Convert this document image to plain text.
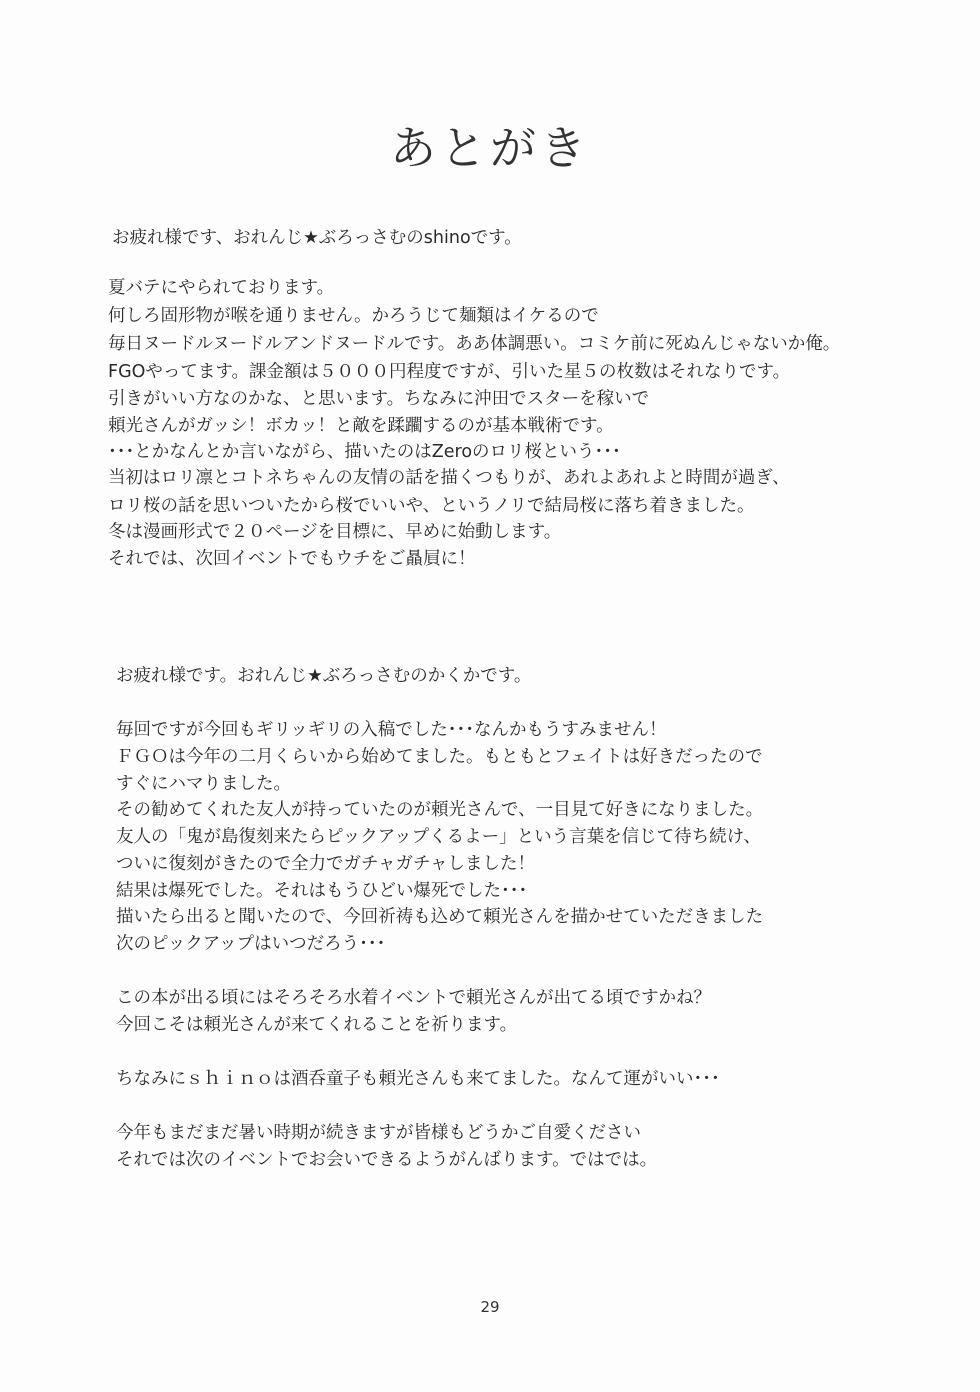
あとがき
お疲れ様です、おれんじ★ぶろっさむのshinoです。
夏バテにやられております。
何しろ固形物が喉を通りません。かろうじて麺類はイケるので
毎日ヌードルヌードルアンドヌードルです。ああ体調悪い。コミケ前に死ぬんじゃないか俺。
FGOやってます。課金額は５０００円程度ですが、引いた星５の枚数はそれなりです。
引きがいい方なのかな、と思います。ちなみに沖田でスターを稼いで
頼光さんがガッシ！ボカッ！と敵を蹂躙するのが基本戦術です。
･･･とかなんとか言いながら、描いたのはZeroのロリ桜という･･･
当初はロリ凛とコトネちゃんの友情の話を描くつもりが、あれよあれよと時間が過ぎ、
ロリ桜の話を思いついたから桜でいいや、というノリで結局桜に落ち着きました。
冬は漫画形式で２０ページを目標に、早めに始動します。
それでは、次回イベントでもウチをご贔屓に！
お疲れ様です。おれんじ★ぶろっさむのかくかです。
毎回ですが今回もギリッギリの入稿でした･･･なんかもうすみません！
ＦＧＯは今年の二月くらいから始めてました。もともとフェイトは好きだったので
すぐにハマりました。
その勧めてくれた友人が持っていたのが頼光さんで、一目見て好きになりました。
友人の「鬼が島復刻来たらピックアップくるよー」という言葉を信じて待ち続け、
ついに復刻がきたので全力でガチャガチャしました！
結果は爆死でした。それはもうひどい爆死でした･･･
描いたら出ると聞いたので、今回祈祷も込めて頼光さんを描かせていただきました
次のピックアップはいつだろう･･･
この本が出る頃にはそろそろ水着イベントで頼光さんが出てる頃ですかね？
今回こそは頼光さんが来てくれることを祈ります。
ちなみにｓｈｉｎｏは酒呑童子も頼光さんも来てました。なんて運がいい･･･
今年もまだまだ暑い時期が続きますが皆様もどうかご自愛ください
それでは次のイベントでお会いできるようがんばります。ではでは。
29
